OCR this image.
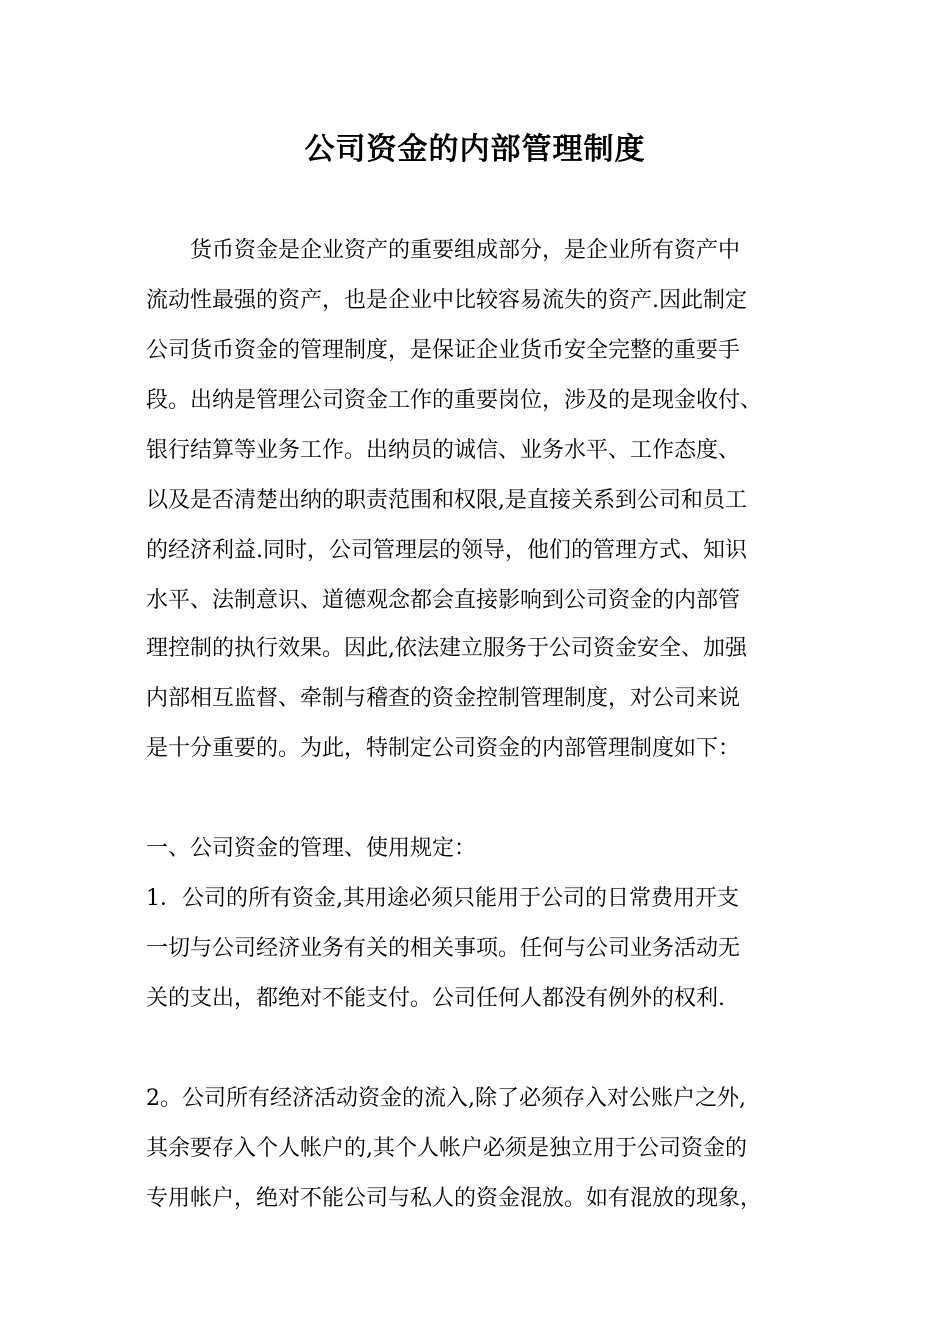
公司资金的内部管理制度
　　货币资金是企业资产的重要组成部分，是企业所有资产中
流动性最强的资产，也是企业中比较容易流失的资产.因此制定
公司货币资金的管理制度，是保证企业货币安全完整的重要手
段。出纳是管理公司资金工作的重要岗位，涉及的是现金收付、
银行结算等业务工作。出纳员的诚信、业务水平、工作态度、
以及是否清楚出纳的职责范围和权限,是直接关系到公司和员工
的经济利益.同时，公司管理层的领导，他们的管理方式、知识
水平、法制意识、道德观念都会直接影响到公司资金的内部管
理控制的执行效果。因此,依法建立服务于公司资金安全、加强
内部相互监督、牵制与稽查的资金控制管理制度，对公司来说
是十分重要的。为此，特制定公司资金的内部管理制度如下：
一、公司资金的管理、使用规定：
1．公司的所有资金,其用途必须只能用于公司的日常费用开支
一切与公司经济业务有关的相关事项。任何与公司业务活动无
关的支出，都绝对不能支付。公司任何人都没有例外的权利.
2。公司所有经济活动资金的流入,除了必须存入对公账户之外,
其余要存入个人帐户的,其个人帐户必须是独立用于公司资金的
专用帐户，绝对不能公司与私人的资金混放。如有混放的现象，
